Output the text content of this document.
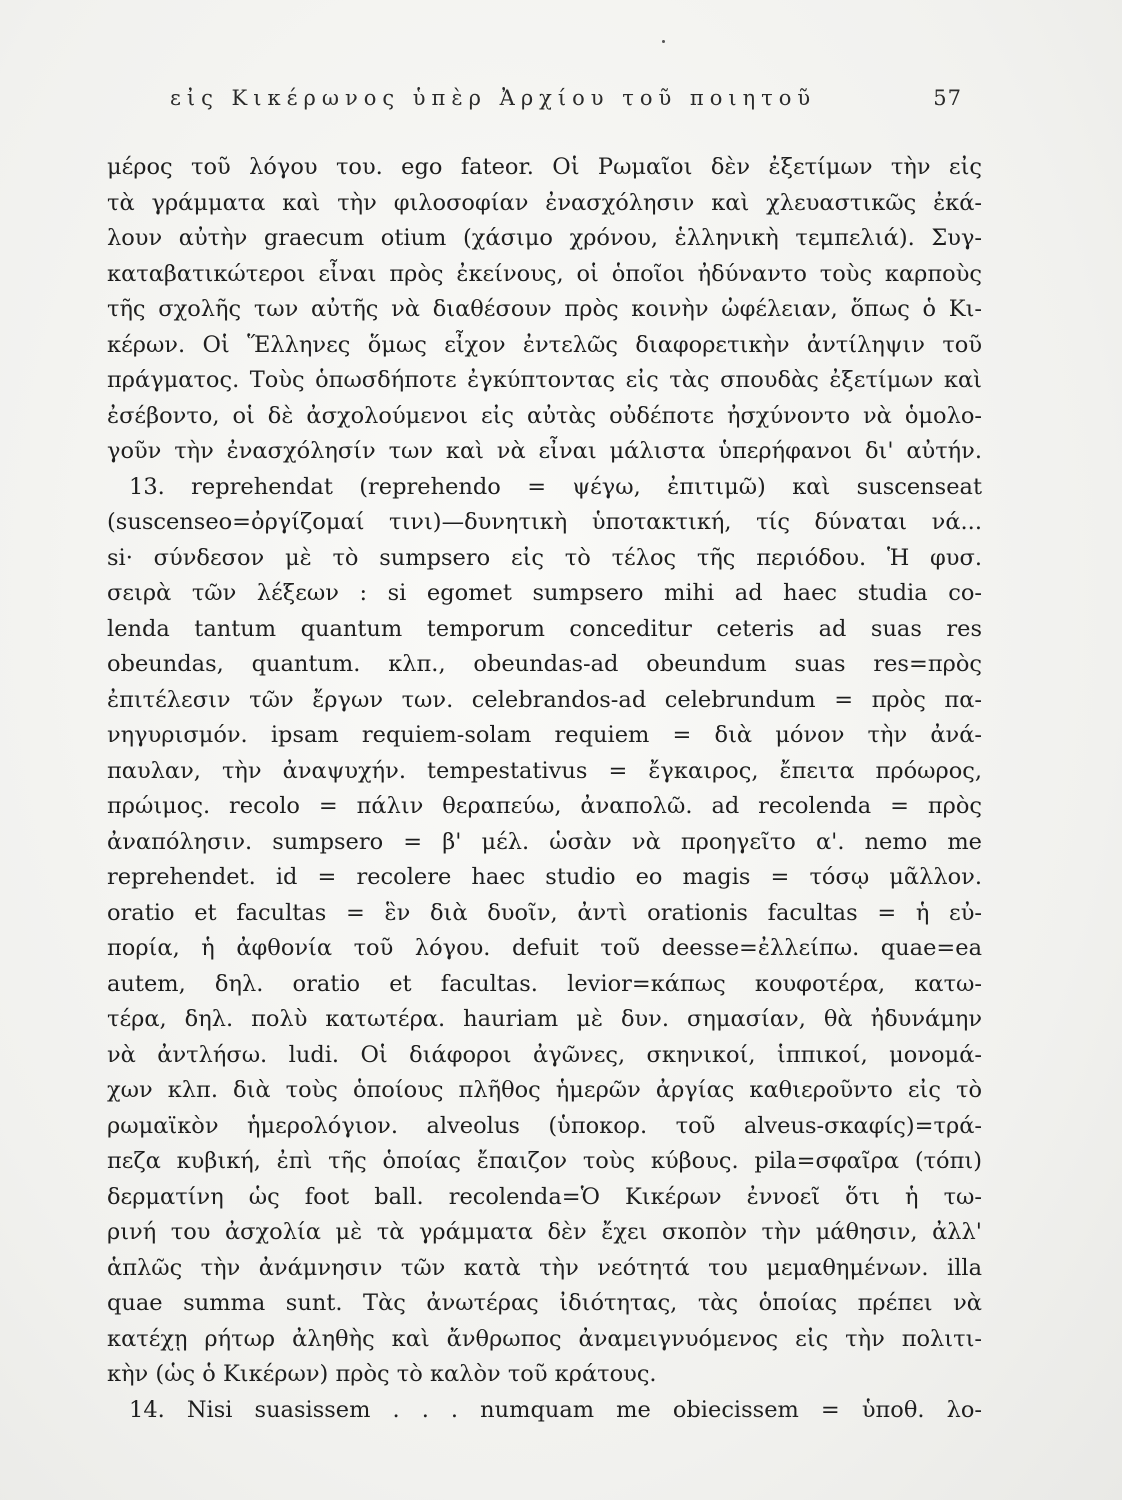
εἰς Κικέρωνος ὑπὲρ Ἀρχίου τοῦ ποιητοῦ	57
μέρος τοῦ λόγου του. ego fateor. Οἱ Ρωμαῖοι δὲν ἐξετίμων τὴν εἰς
τὰ γράμματα καὶ τὴν φιλοσοφίαν ἐνασχόλησιν καὶ χλευαστικῶς ἐκά-
λουν αὐτὴν graecum otium (χάσιμο χρόνου, ἑλληνικὴ τεμπελιά). Συγ-
καταβατικώτεροι εἶναι πρὸς ἐκείνους, οἱ ὁποῖοι ἠδύναντο τοὺς καρποὺς
τῆς σχολῆς των αὐτῆς νὰ διαθέσουν πρὸς κοινὴν ὠφέλειαν, ὅπως ὁ Κι-
κέρων. Οἱ Ἕλληνες ὅμως εἶχον ἐντελῶς διαφορετικὴν ἀντίληψιν τοῦ
πράγματος. Τοὺς ὁπωσδήποτε ἐγκύπτοντας εἰς τὰς σπουδὰς ἐξετίμων καὶ
ἐσέβοντο, οἱ δὲ ἀσχολούμενοι εἰς αὐτὰς οὐδέποτε ἠσχύνοντο νὰ ὁμολο-
γοῦν τὴν ἐνασχόλησίν των καὶ νὰ εἶναι μάλιστα ὑπερήφανοι δι' αὐτήν.
13. reprehendat (reprehendo = ψέγω, ἐπιτιμῶ) καὶ suscenseat
(suscenseo=ὀργίζομαί τινι)—δυνητικὴ ὑποτακτική, τίς δύναται νά...
si· σύνδεσον μὲ τὸ sumpsero εἰς τὸ τέλος τῆς περιόδου. Ἡ φυσ.
σειρὰ τῶν λέξεων : si egomet sumpsero mihi ad haec studia co-
lenda tantum quantum temporum conceditur ceteris ad suas res
obeundas, quantum. κλπ., obeundas-ad obeundum suas res=πρὸς
ἐπιτέλεσιν τῶν ἔργων των. celebrandos-ad celebrundum = πρὸς πα-
νηγυρισμόν. ipsam requiem-solam requiem = διὰ μόνον τὴν ἀνά-
παυλαν, τὴν ἀναψυχήν. tempestativus = ἔγκαιρος, ἔπειτα πρόωρος,
πρώιμος. recolo = πάλιν θεραπεύω, ἀναπολῶ. ad recolenda = πρὸς
ἀναπόλησιν. sumpsero = β' μέλ. ὡσὰν νὰ προηγεῖτο α'. nemo me
reprehendet. id = recolere haec studio eo magis = τόσῳ μᾶλλον.
oratio et facultas = ἓν διὰ δυοῖν, ἀντὶ orationis facultas = ἡ εὐ-
πορία, ἡ ἀφθονία τοῦ λόγου. defuit τοῦ deesse=ἐλλείπω. quae=ea
autem, δηλ. oratio et facultas. levior=κάπως κουφοτέρα, κατω-
τέρα, δηλ. πολὺ κατωτέρα. hauriam μὲ δυν. σημασίαν, θὰ ἠδυνάμην
νὰ ἀντλήσω. ludi. Οἱ διάφοροι ἀγῶνες, σκηνικοί, ἱππικοί, μονομά-
χων κλπ. διὰ τοὺς ὁποίους πλῆθος ἡμερῶν ἀργίας καθιεροῦντο εἰς τὸ
ρωμαϊκὸν ἡμερολόγιον. alveolus (ὑποκορ. τοῦ alveus-σκαφίς)=τρά-
πεζα κυβική, ἐπὶ τῆς ὁποίας ἔπαιζον τοὺς κύβους. pila=σφαῖρα (τόπι)
δερματίνη ὡς foot ball. recolenda=Ὁ Κικέρων ἐννοεῖ ὅτι ἡ τω-
ρινή του ἀσχολία μὲ τὰ γράμματα δὲν ἔχει σκοπὸν τὴν μάθησιν, ἀλλ'
ἁπλῶς τὴν ἀνάμνησιν τῶν κατὰ τὴν νεότητά του μεμαθημένων. illa
quae summa sunt. Τὰς ἀνωτέρας ἰδιότητας, τὰς ὁποίας πρέπει νὰ
κατέχῃ ρήτωρ ἀληθὴς καὶ ἄνθρωπος ἀναμειγνυόμενος εἰς τὴν πολιτι-
κὴν (ὡς ὁ Κικέρων) πρὸς τὸ καλὸν τοῦ κράτους.
14. Nisi suasissem . . . numquam me obiecissem = ὑποθ. λο-
